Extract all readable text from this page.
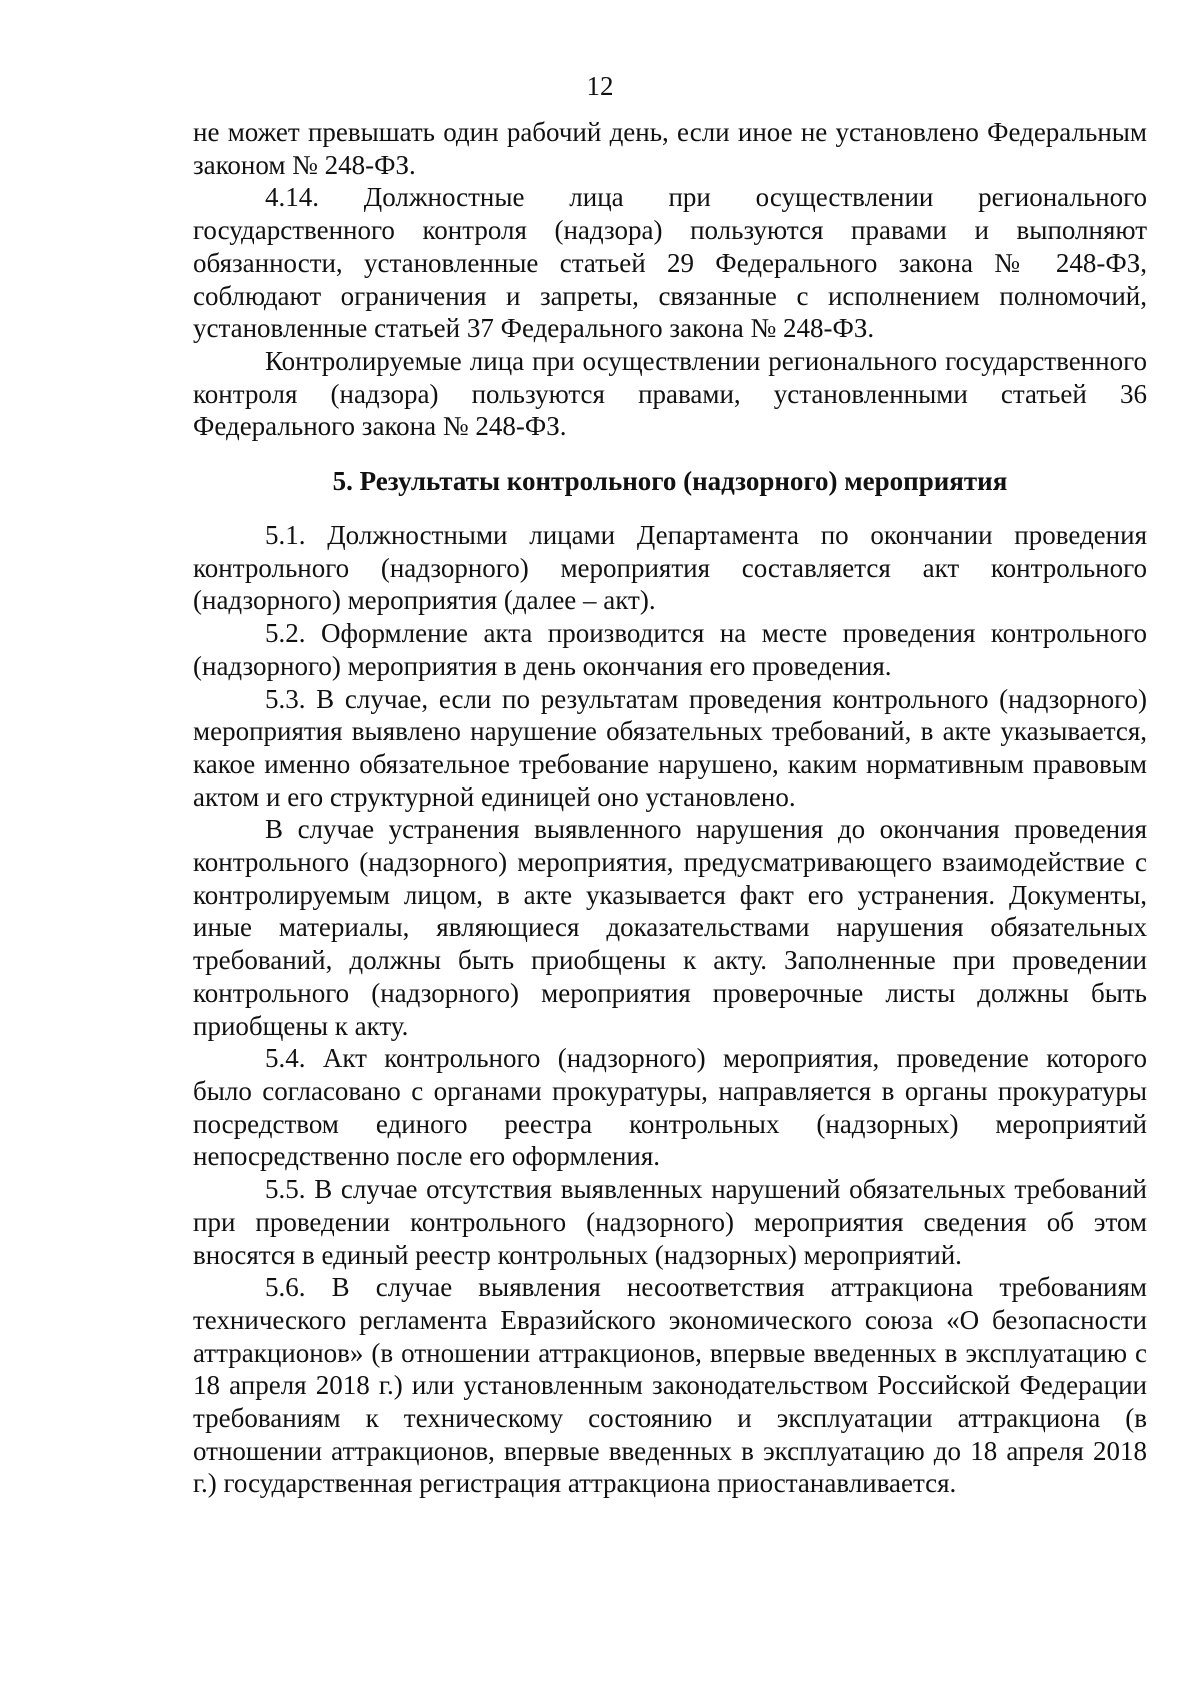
12

не может превышать один рабочий день, если иное не установлено Федеральным законом № 248-ФЗ.

4.14. Должностные лица при осуществлении регионального государственного контроля (надзора) пользуются правами и выполняют обязанности, установленные статьей 29 Федерального закона № 248-ФЗ, соблюдают ограничения и запреты, связанные с исполнением полномочий, установленные статьей 37 Федерального закона № 248-ФЗ.

Контролируемые лица при осуществлении регионального государственного контроля (надзора) пользуются правами, установленными статьей 36 Федерального закона № 248-ФЗ.

5. Результаты контрольного (надзорного) мероприятия

5.1. Должностными лицами Департамента по окончании проведения контрольного (надзорного) мероприятия составляется акт контрольного (надзорного) мероприятия (далее – акт).

5.2. Оформление акта производится на месте проведения контрольного (надзорного) мероприятия в день окончания его проведения.

5.3. В случае, если по результатам проведения контрольного (надзорного) мероприятия выявлено нарушение обязательных требований, в акте указывается, какое именно обязательное требование нарушено, каким нормативным правовым актом и его структурной единицей оно установлено.

В случае устранения выявленного нарушения до окончания проведения контрольного (надзорного) мероприятия, предусматривающего взаимодействие с контролируемым лицом, в акте указывается факт его устранения. Документы, иные материалы, являющиеся доказательствами нарушения обязательных требований, должны быть приобщены к акту. Заполненные при проведении контрольного (надзорного) мероприятия проверочные листы должны быть приобщены к акту.

5.4. Акт контрольного (надзорного) мероприятия, проведение которого было согласовано с органами прокуратуры, направляется в органы прокуратуры посредством единого реестра контрольных (надзорных) мероприятий непосредственно после его оформления.

5.5. В случае отсутствия выявленных нарушений обязательных требований при проведении контрольного (надзорного) мероприятия сведения об этом вносятся в единый реестр контрольных (надзорных) мероприятий.

5.6. В случае выявления несоответствия аттракциона требованиям технического регламента Евразийского экономического союза «О безопасности аттракционов» (в отношении аттракционов, впервые введенных в эксплуатацию с 18 апреля 2018 г.) или установленным законодательством Российской Федерации требованиям к техническому состоянию и эксплуатации аттракциона (в отношении аттракционов, впервые введенных в эксплуатацию до 18 апреля 2018 г.) государственная регистрация аттракциона приостанавливается.
